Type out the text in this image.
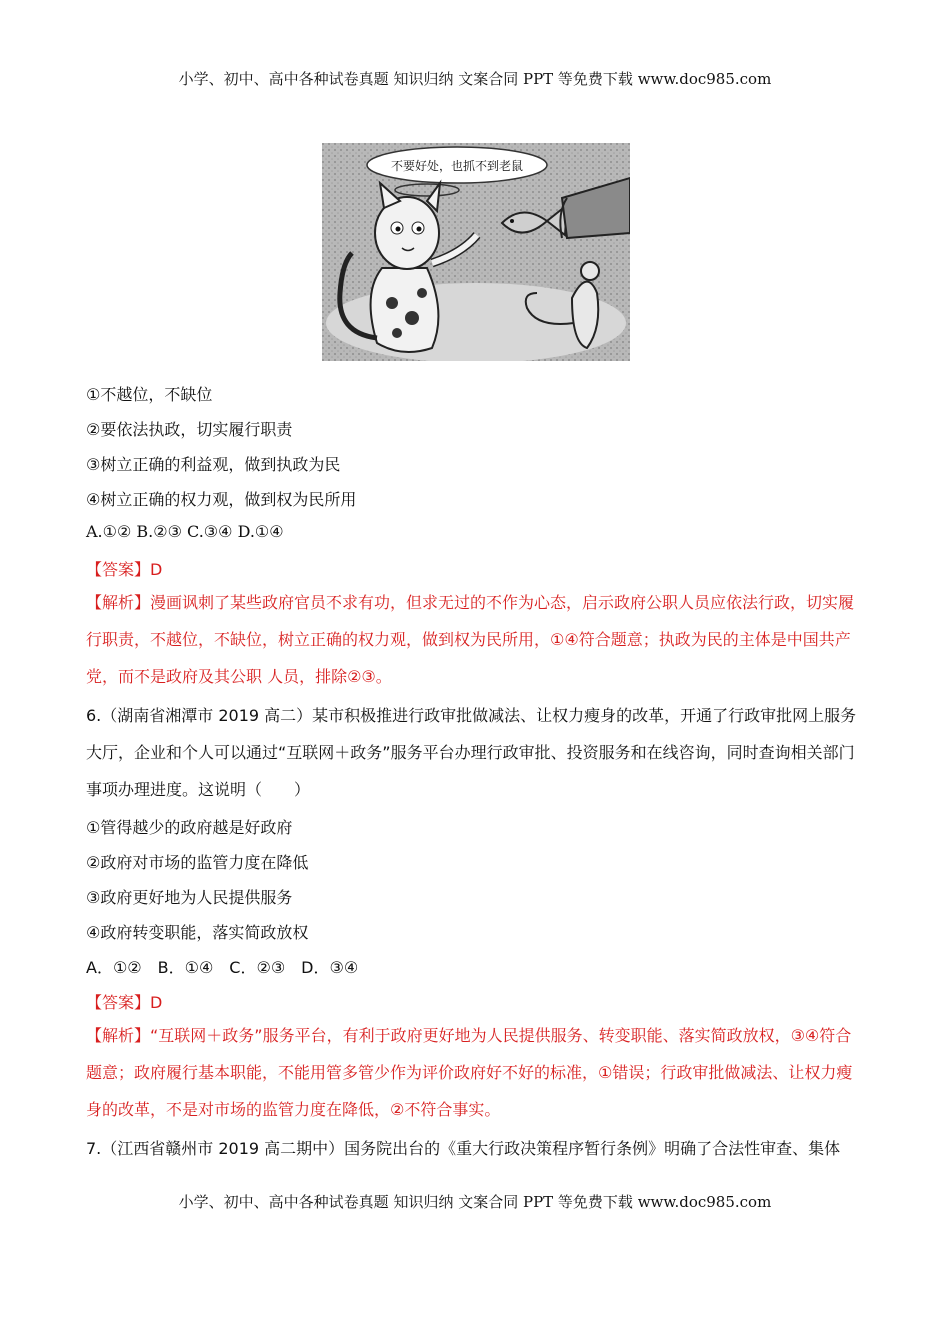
小学、初中、高中各种试卷真题 知识归纳 文案合同 PPT 等免费下载 www.doc985.com
不要好处，也抓不到老鼠
①不越位，不缺位
②要依法执政，切实履行职责
③树立正确的利益观，做到执政为民
④树立正确的权力观，做到权为民所用
A.①② B.②③ C.③④ D.①④
【答案】D
【解析】漫画讽刺了某些政府官员不求有功，但求无过的不作为心态，启示政府公职人员应依法行政，切实履行职责，不越位，不缺位，树立正确的权力观，做到权为民所用，①④符合题意；执政为民的主体是中国共产党，而不是政府及其公职 人员，排除②③。
6.（湖南省湘潭市 2019 高二）某市积极推进行政审批做减法、让权力瘦身的改革，开通了行政审批网上服务大厅，企业和个人可以通过“互联网＋政务”服务平台办理行政审批、投资服务和在线咨询，同时查询相关部门事项办理进度。这说明（　　）
①管得越少的政府越是好政府
②政府对市场的监管力度在降低
③政府更好地为人民提供服务
④政府转变职能，落实简政放权
A．①②　B．①④　C．②③　D．③④
【答案】D
【解析】“互联网＋政务”服务平台，有利于政府更好地为人民提供服务、转变职能、落实简政放权，③④符合题意；政府履行基本职能，不能用管多管少作为评价政府好不好的标准，①错误；行政审批做减法、让权力瘦身的改革，不是对市场的监管力度在降低，②不符合事实。
7.（江西省赣州市 2019 高二期中）国务院出台的《重大行政决策程序暂行条例》明确了合法性审查、集体
小学、初中、高中各种试卷真题 知识归纳 文案合同 PPT 等免费下载 www.doc985.com
